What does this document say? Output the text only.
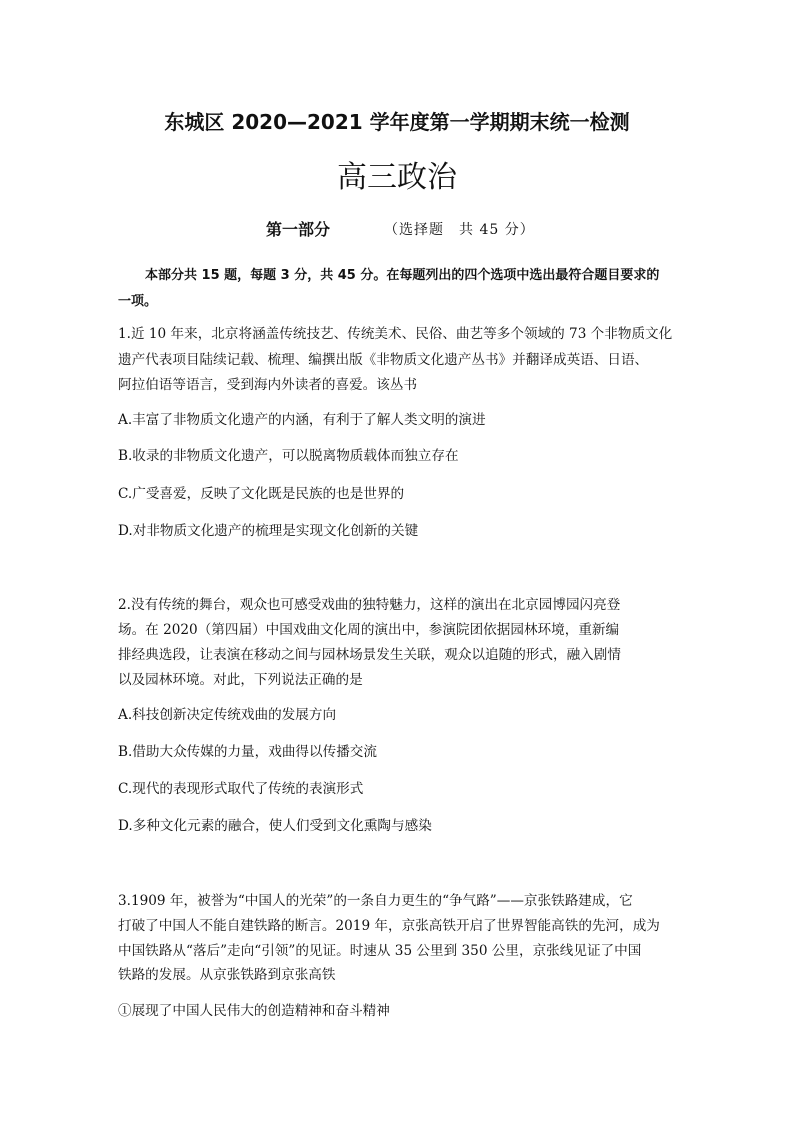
东城区 2020—2021 学年度第一学期期末统一检测
高三政治
第一部分	（选择题　共 45 分）
本部分共 15 题，每题 3 分，共 45 分。在每题列出的四个选项中选出最符合题目要求的
一项。
1.近 10 年来，北京将涵盖传统技艺、传统美术、民俗、曲艺等多个领域的 73 个非物质文化
遗产代表项目陆续记载、梳理、编撰出版《非物质文化遗产丛书》并翻译成英语、日语、
阿拉伯语等语言，受到海内外读者的喜爱。该丛书
A.丰富了非物质文化遗产的内涵，有利于了解人类文明的演进
B.收录的非物质文化遗产，可以脱离物质载体而独立存在
C.广受喜爱，反映了文化既是民族的也是世界的
D.对非物质文化遗产的梳理是实现文化创新的关键
2.没有传统的舞台，观众也可感受戏曲的独特魅力，这样的演出在北京园博园闪亮登
场。在 2020（第四届）中国戏曲文化周的演出中，参演院团依据园林环境，重新编
排经典选段，让表演在移动之间与园林场景发生关联，观众以追随的形式，融入剧情
以及园林环境。对此，下列说法正确的是
A.科技创新决定传统戏曲的发展方向
B.借助大众传媒的力量，戏曲得以传播交流
C.现代的表现形式取代了传统的表演形式
D.多种文化元素的融合，使人们受到文化熏陶与感染
3.1909 年，被誉为“中国人的光荣”的一条自力更生的“争气路”——京张铁路建成，它
打破了中国人不能自建铁路的断言。2019 年，京张高铁开启了世界智能高铁的先河，成为
中国铁路从“落后”走向“引领”的见证。时速从 35 公里到 350 公里，京张线见证了中国
铁路的发展。从京张铁路到京张高铁
①展现了中国人民伟大的创造精神和奋斗精神
